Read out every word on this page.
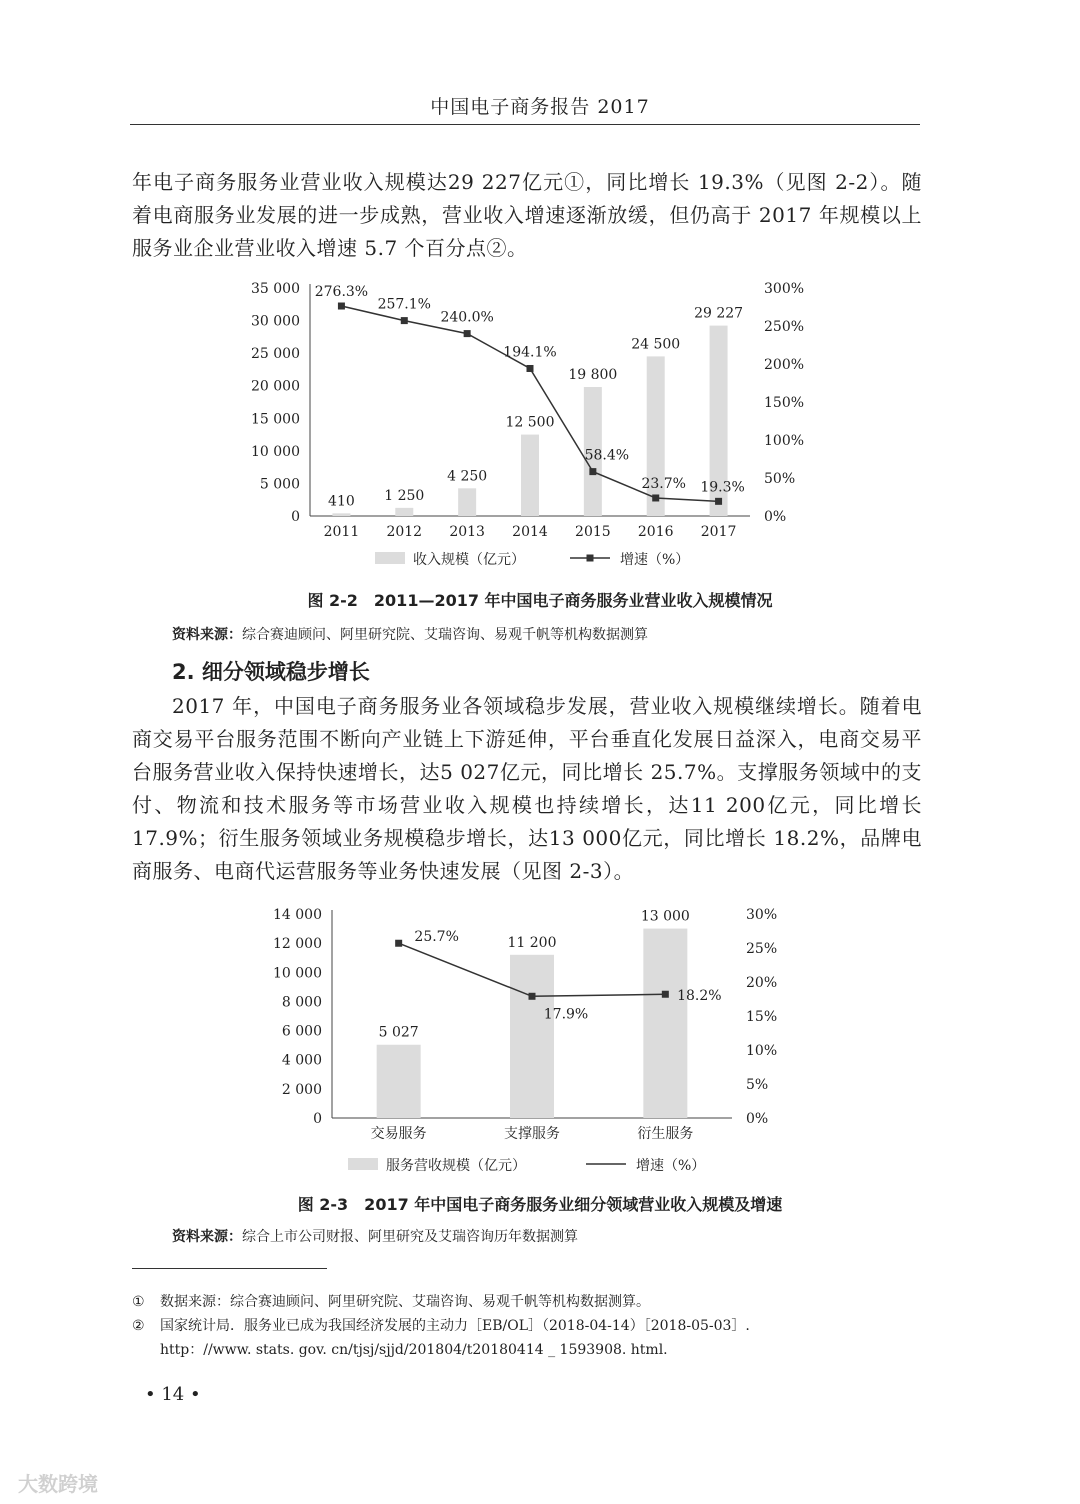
中国电子商务报告 2017

年电子商务服务业营业收入规模达29 227亿元①，同比增长 19.3%（见图 2-2）。随着电商服务业发展的进一步成熟，营业收入增速逐渐放缓，但仍高于 2017 年规模以上服务业企业营业收入增速 5.7 个百分点②。

0
5 000
10 000
15 000
20 000
25 000
30 000
35 000
0%
50%
100%
150%
200%
250%
300%
410
2011
1 250
2012
4 250
2013
12 500
2014
19 800
2015
24 500
2016
29 227
2017
276.3%
257.1%
240.0%
194.1%
58.4%
23.7% 19.3%
收入规模（亿元）	增速（%）
图 2-2　2011—2017 年中国电子商务服务业营业收入规模情况
资料来源：综合赛迪顾问、阿里研究院、艾瑞咨询、易观千帆等机构数据测算
2. 细分领域稳步增长

2017 年，中国电子商务服务业各领域稳步发展，营业收入规模继续增长。随着电商交易平台服务范围不断向产业链上下游延伸，平台垂直化发展日益深入，电商交易平台服务营业收入保持快速增长，达5 027亿元，同比增长 25.7%。支撑服务领域中的支付、物流和技术服务等市场营业收入规模也持续增长，达11 200亿元，同比增长 17.9%；衍生服务领域业务规模稳步增长，达13 000亿元，同比增长 18.2%，品牌电商服务、电商代运营服务等业务快速发展（见图 2-3）。

0
2 000
4 000
6 000
8 000
10 000
12 000
14 000
0%
5%
10%
15%
20%
25%
30%
5 027
交易服务
11 200
支撑服务
13 000
衍生服务
25.7%
17.9%
18.2%
服务营收规模（亿元）	增速（%）
图 2-3　2017 年中国电子商务服务业细分领域营业收入规模及增速
资料来源：综合上市公司财报、阿里研究及艾瑞咨询历年数据测算
① 数据来源：综合赛迪顾问、阿里研究院、艾瑞咨询、易观千帆等机构数据测算。
② 国家统计局．服务业已成为我国经济发展的主动力［EB/OL］（2018-04-14）［2018-05-03］.
http：//www. stats. gov. cn/tjsj/sjjd/201804/t20180414 _ 1593908. html.
• 14 •
大数跨境
